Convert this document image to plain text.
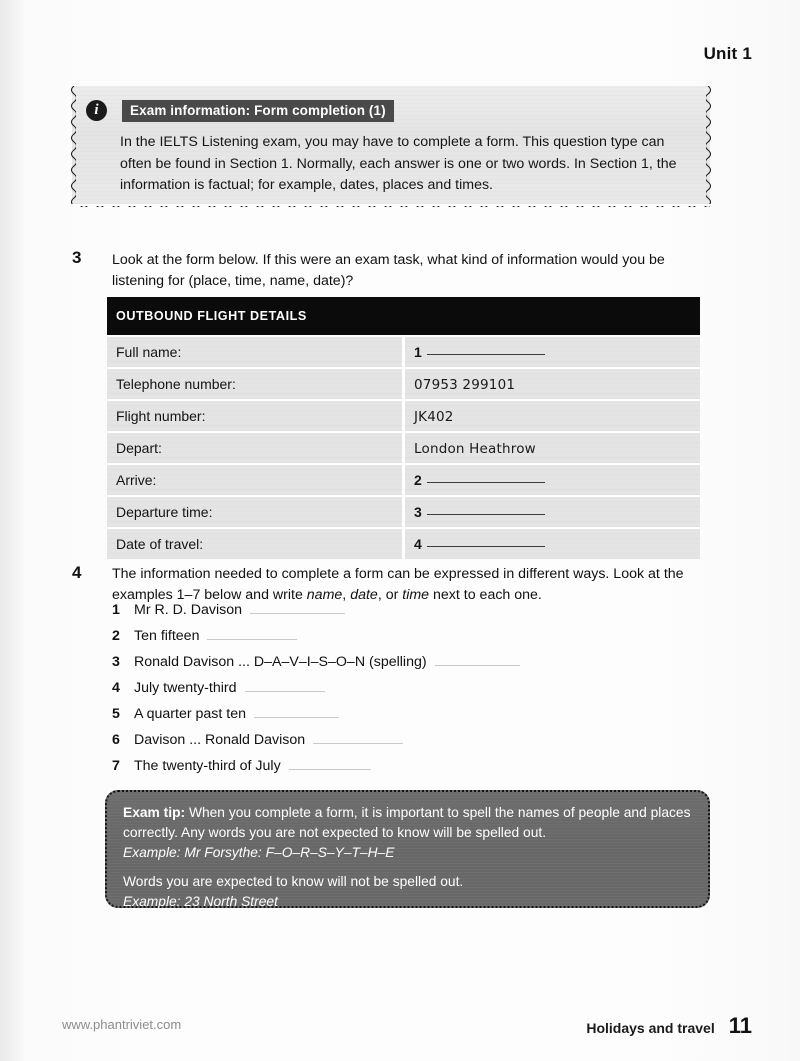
Unit 1
i	Exam information: Form completion (1)
In the IELTS Listening exam, you may have to complete a form. This question type can often be found in Section 1. Normally, each answer is one or two words. In Section 1, the information is factual; for example, dates, places and times.
3 Look at the form below. If this were an exam task, what kind of information would you be listening for (place, time, name, date)?
OUTBOUND FLIGHT DETAILS	
Full name:	1
Telephone number:	07953 299101
Flight number:	JK402
Depart:	London Heathrow
Arrive:	2
Departure time:	3
Date of travel:	4
4 The information needed to complete a form can be expressed in different ways. Look at the examples 1–7 below and write name, date, or time next to each one.
1 Mr R. D. Davison
2 Ten fifteen
3 Ronald Davison ... D–A–V–I–S–O–N (spelling)
4 July twenty-third
5 A quarter past ten
6 Davison ... Ronald Davison
7 The twenty-third of July
Exam tip: When you complete a form, it is important to spell the names of people and places correctly. Any words you are not expected to know will be spelled out.
Example: Mr Forsythe: F–O–R–S–Y–T–H–E
Words you are expected to know will not be spelled out.
Example: 23 North Street
www.phantriviet.com	Holidays and travel 11
